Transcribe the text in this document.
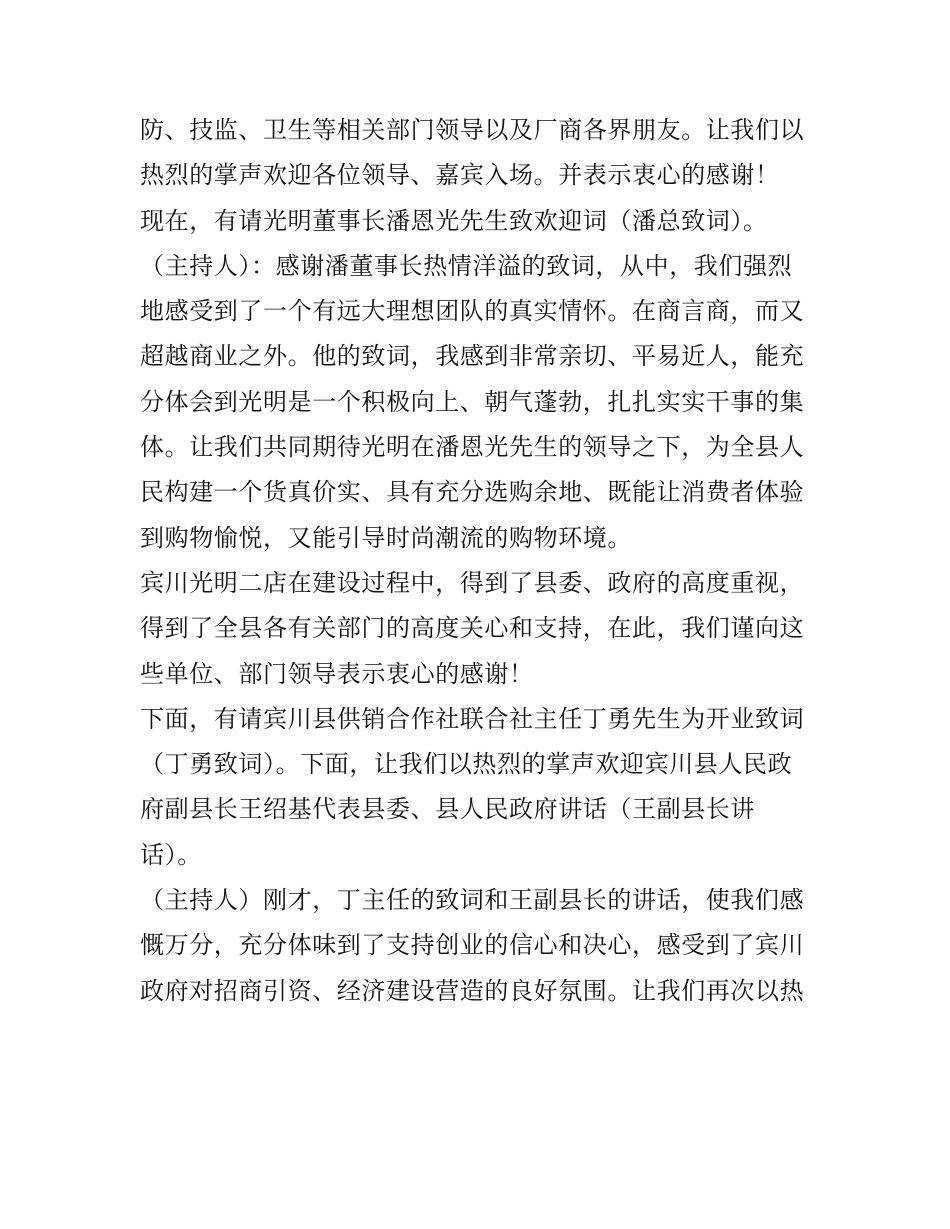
防、技监、卫生等相关部门领导以及厂商各界朋友。让我们以
热烈的掌声欢迎各位领导、嘉宾入场。并表示衷心的感谢！
现在，有请光明董事长潘恩光先生致欢迎词（潘总致词）。
（主持人）：感谢潘董事长热情洋溢的致词，从中，我们强烈
地感受到了一个有远大理想团队的真实情怀。在商言商，而又
超越商业之外。他的致词，我感到非常亲切、平易近人，能充
分体会到光明是一个积极向上、朝气蓬勃，扎扎实实干事的集
体。让我们共同期待光明在潘恩光先生的领导之下，为全县人
民构建一个货真价实、具有充分选购余地、既能让消费者体验
到购物愉悦，又能引导时尚潮流的购物环境。
宾川光明二店在建设过程中，得到了县委、政府的高度重视，
得到了全县各有关部门的高度关心和支持，在此，我们谨向这
些单位、部门领导表示衷心的感谢！
下面，有请宾川县供销合作社联合社主任丁勇先生为开业致词
（丁勇致词）。下面，让我们以热烈的掌声欢迎宾川县人民政
府副县长王绍基代表县委、县人民政府讲话（王副县长讲
话）。
（主持人）刚才，丁主任的致词和王副县长的讲话，使我们感
慨万分，充分体味到了支持创业的信心和决心，感受到了宾川
政府对招商引资、经济建设营造的良好氛围。让我们再次以热
